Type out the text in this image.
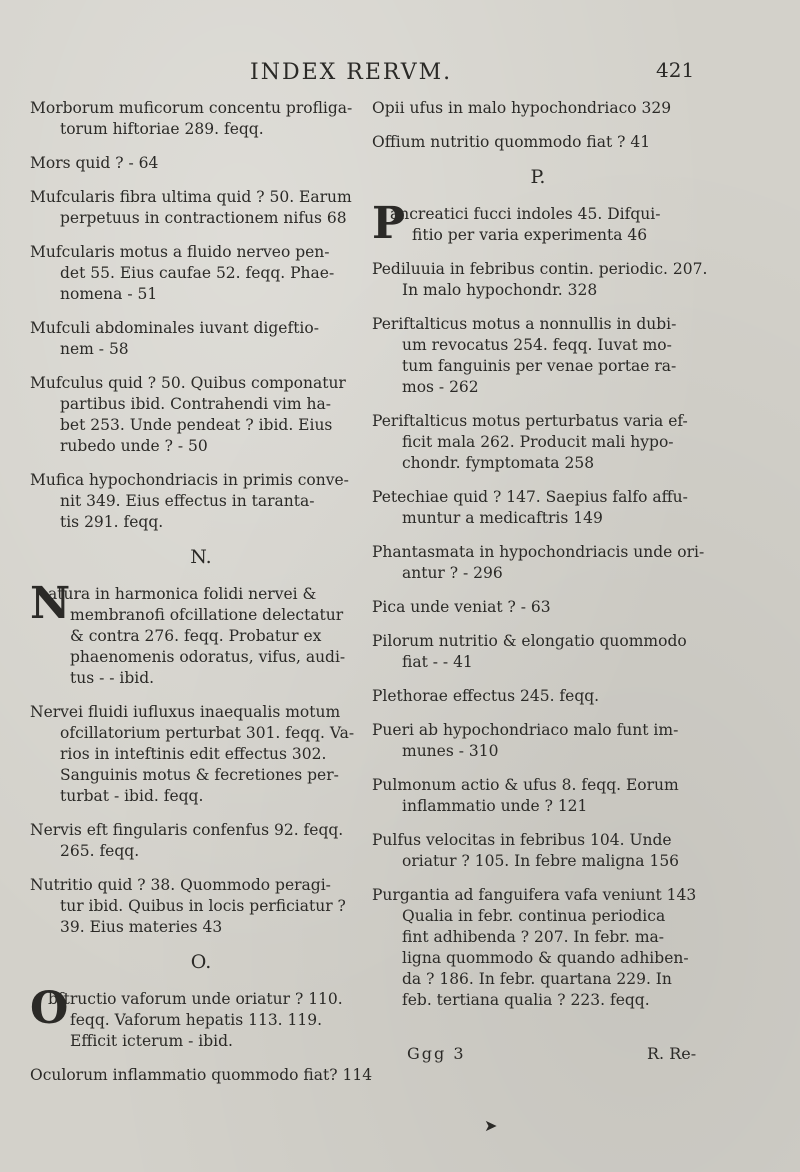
INDEX RERVM.	421
Morborum muficorum concentu profliga-
torum hiftoriae 289. feqq.
Mors quid ? - 64
Mufcularis fibra ultima quid ? 50. Earum
perpetuus in contractionem nifus 68
Mufcularis motus a fluido nerveo pen-
det 55. Eius caufae 52. feqq. Phae-
nomena - 51
Mufculi abdominales iuvant digeftio-
nem - 58
Mufculus quid ? 50. Quibus componatur
partibus ibid. Contrahendi vim ha-
bet 253. Unde pendeat ? ibid. Eius
rubedo unde ? - 50
Mufica hypochondriacis in primis conve-
nit 349. Eius effectus in taranta-
tis 291. feqq.
N.
N
atura in harmonica folidi nervei &
membranofi ofcillatione delectatur
& contra 276. feqq. Probatur ex
phaenomenis odoratus, vifus, audi-
tus - - ibid.
Nervei fluidi iufluxus inaequalis motum
ofcillatorium perturbat 301. feqq. Va-
rios in inteftinis edit effectus 302.
Sanguinis motus & fecretiones per-
turbat - ibid. feqq.
Nervis eft fingularis confenfus 92. feqq.
265. feqq.
Nutritio quid ? 38. Quommodo peragi-
tur ibid. Quibus in locis perficiatur ?
39. Eius materies 43
O.
O
bftructio vaforum unde oriatur ? 110.
feqq. Vaforum hepatis 113. 119.
Efficit icterum - ibid.
Oculorum inflammatio quommodo fiat? 114
Opii ufus in malo hypochondriaco 329
Offium nutritio quommodo fiat ? 41
P.
P
ancreatici fucci indoles 45. Difqui-
fitio per varia experimenta 46
Pediluuia in febribus contin. periodic. 207.
In malo hypochondr. 328
Periftalticus motus a nonnullis in dubi-
um revocatus 254. feqq. Iuvat mo-
tum fanguinis per venae portae ra-
mos - 262
Periftalticus motus perturbatus varia ef-
ficit mala 262. Producit mali hypo-
chondr. fymptomata 258
Petechiae quid ? 147. Saepius falfo affu-
muntur a medicaftris 149
Phantasmata in hypochondriacis unde ori-
antur ? - 296
Pica unde veniat ? - 63
Pilorum nutritio & elongatio quommodo
fiat - - 41
Plethorae effectus 245. feqq.
Pueri ab hypochondriaco malo funt im-
munes - 310
Pulmonum actio & ufus 8. feqq. Eorum
inflammatio unde ? 121
Pulfus velocitas in febribus 104. Unde
oriatur ? 105. In febre maligna 156
Purgantia ad fanguifera vafa veniunt 143
Qualia in febr. continua periodica
fint adhibenda ? 207. In febr. ma-
ligna quommodo & quando adhiben-
da ? 186. In febr. quartana 229. In
feb. tertiana qualia ? 223. feqq.
Ggg 3	R. Re-
➤
